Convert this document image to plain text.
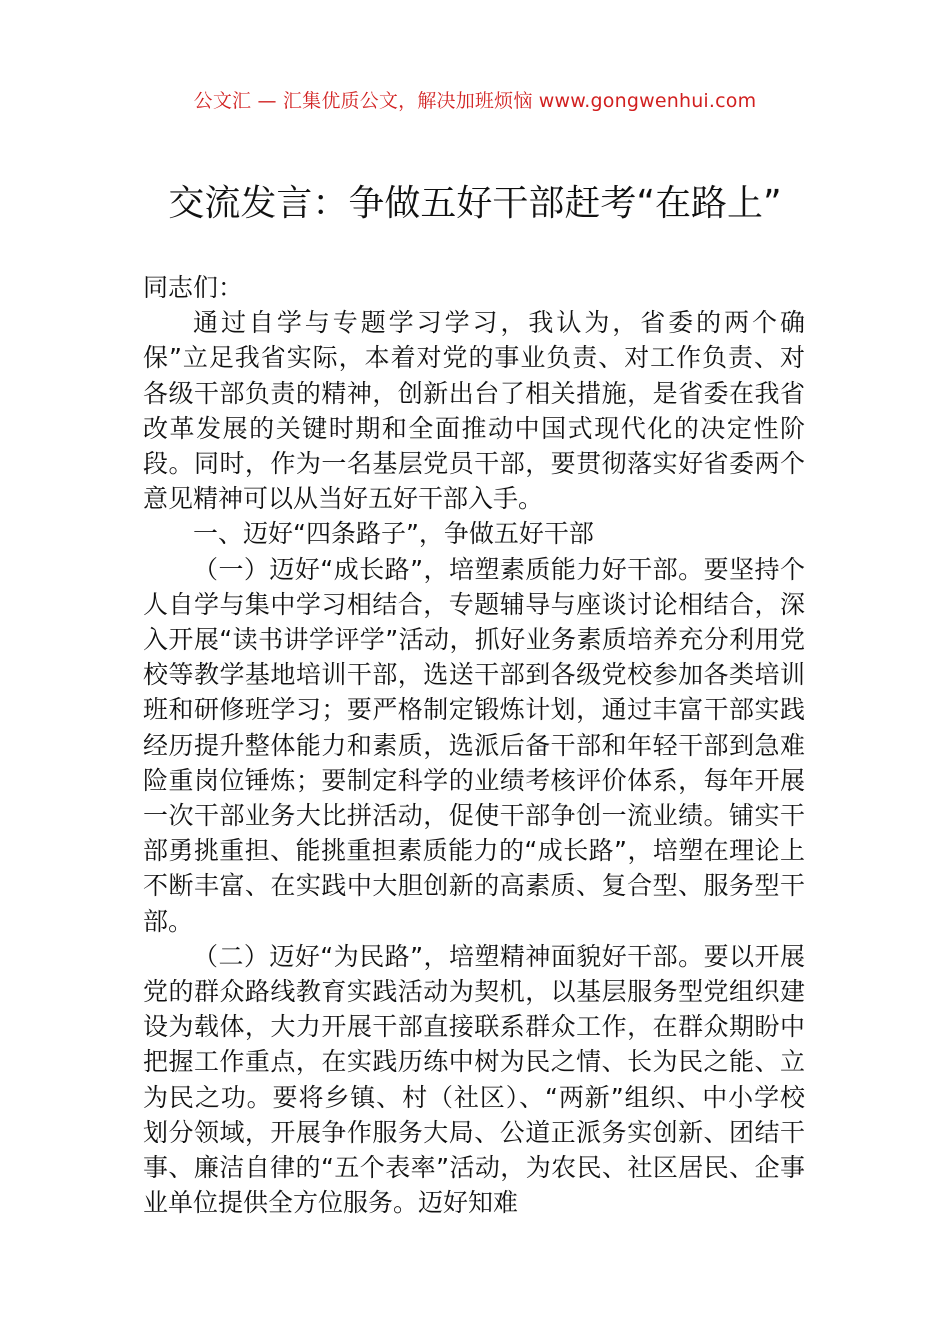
公文汇 — 汇集优质公文，解决加班烦恼 www.gongwenhui.com
交流发言：争做五好干部赶考“在路上”

同志们：

通过自学与专题学习学习，我认为，省委的两个确保”立足我省实际，本着对党的事业负责、对工作负责、对各级干部负责的精神，创新出台了相关措施，是省委在我省改革发展的关键时期和全面推动中国式现代化的决定性阶段。同时，作为一名基层党员干部，要贯彻落实好省委两个意见精神可以从当好五好干部入手。

一、迈好“四条路子”，争做五好干部

（一）迈好“成长路”，培塑素质能力好干部。要坚持个人自学与集中学习相结合，专题辅导与座谈讨论相结合，深入开展“读书讲学评学”活动，抓好业务素质培养充分利用党校等教学基地培训干部，选送干部到各级党校参加各类培训班和研修班学习；要严格制定锻炼计划，通过丰富干部实践经历提升整体能力和素质，选派后备干部和年轻干部到急难险重岗位锤炼；要制定科学的业绩考核评价体系，每年开展一次干部业务大比拼活动，促使干部争创一流业绩。铺实干部勇挑重担、能挑重担素质能力的“成长路”，培塑在理论上不断丰富、在实践中大胆创新的高素质、复合型、服务型干部。

（二）迈好“为民路”，培塑精神面貌好干部。要以开展党的群众路线教育实践活动为契机，以基层服务型党组织建设为载体，大力开展干部直接联系群众工作，在群众期盼中把握工作重点，在实践历练中树为民之情、长为民之能、立为民之功。要将乡镇、村（社区）、“两新”组织、中小学校划分领域，开展争作服务大局、公道正派务实创新、团结干事、廉洁自律的“五个表率”活动，为农民、社区居民、企事业单位提供全方位服务。迈好知难
